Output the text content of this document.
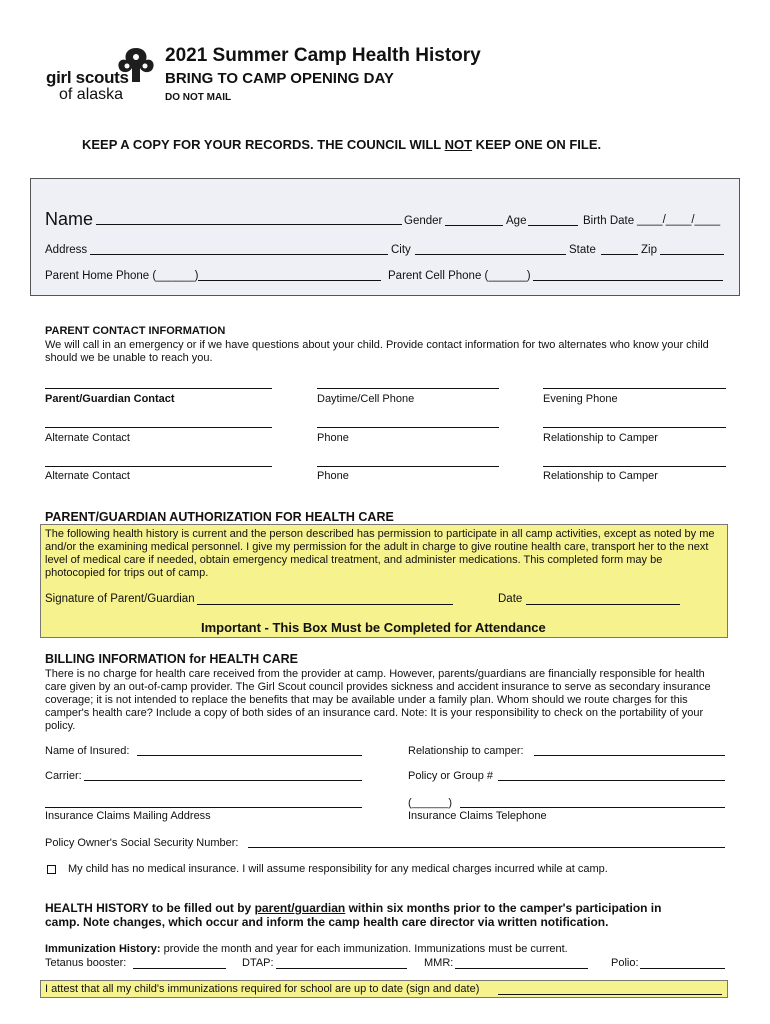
girl scouts
of alaska
2021 Summer Camp Health History
BRING TO CAMP OPENING DAY
DO NOT MAIL
KEEP A COPY FOR YOUR RECORDS. THE COUNCIL WILL NOT KEEP ONE ON FILE.
Name	Gender	Age	Birth Date ____/____/____
Address	City	State	Zip
Parent Home Phone (______)	Parent Cell Phone (______)
PARENT CONTACT INFORMATION
We will call in an emergency or if we have questions about your child. Provide contact information for two alternates who know your child should we be unable to reach you.
Parent/Guardian Contact	Daytime/Cell Phone	Evening Phone
Alternate Contact	Phone	Relationship to Camper
Alternate Contact	Phone	Relationship to Camper
PARENT/GUARDIAN AUTHORIZATION FOR HEALTH CARE
The following health history is current and the person described has permission to participate in all camp activities, except as noted by me and/or the examining medical personnel. I give my permission for the adult in charge to give routine health care, transport her to the next level of medical care if needed, obtain emergency medical treatment, and administer medications. This completed form may be photocopied for trips out of camp.
Signature of Parent/Guardian	Date
Important - This Box Must be Completed for Attendance
BILLING INFORMATION for HEALTH CARE
There is no charge for health care received from the provider at camp. However, parents/guardians are financially responsible for health care given by an out-of-camp provider. The Girl Scout council provides sickness and accident insurance to serve as secondary insurance coverage; it is not intended to replace the benefits that may be available under a family plan. Whom should we route charges for this camper's health care? Include a copy of both sides of an insurance card. Note: It is your responsibility to check on the portability of your policy.
Name of Insured:	Relationship to camper:
Carrier:	Policy or Group #
(______)
Insurance Claims Mailing Address	Insurance Claims Telephone
Policy Owner's Social Security Number:
My child has no medical insurance. I will assume responsibility for any medical charges incurred while at camp.
HEALTH HISTORY to be filled out by parent/guardian within six months prior to the camper's participation in
camp. Note changes, which occur and inform the camp health care director via written notification.
Immunization History: provide the month and year for each immunization. Immunizations must be current.
Tetanus booster:	DTAP:	MMR:	Polio:
I attest that all my child's immunizations required for school are up to date (sign and date)
